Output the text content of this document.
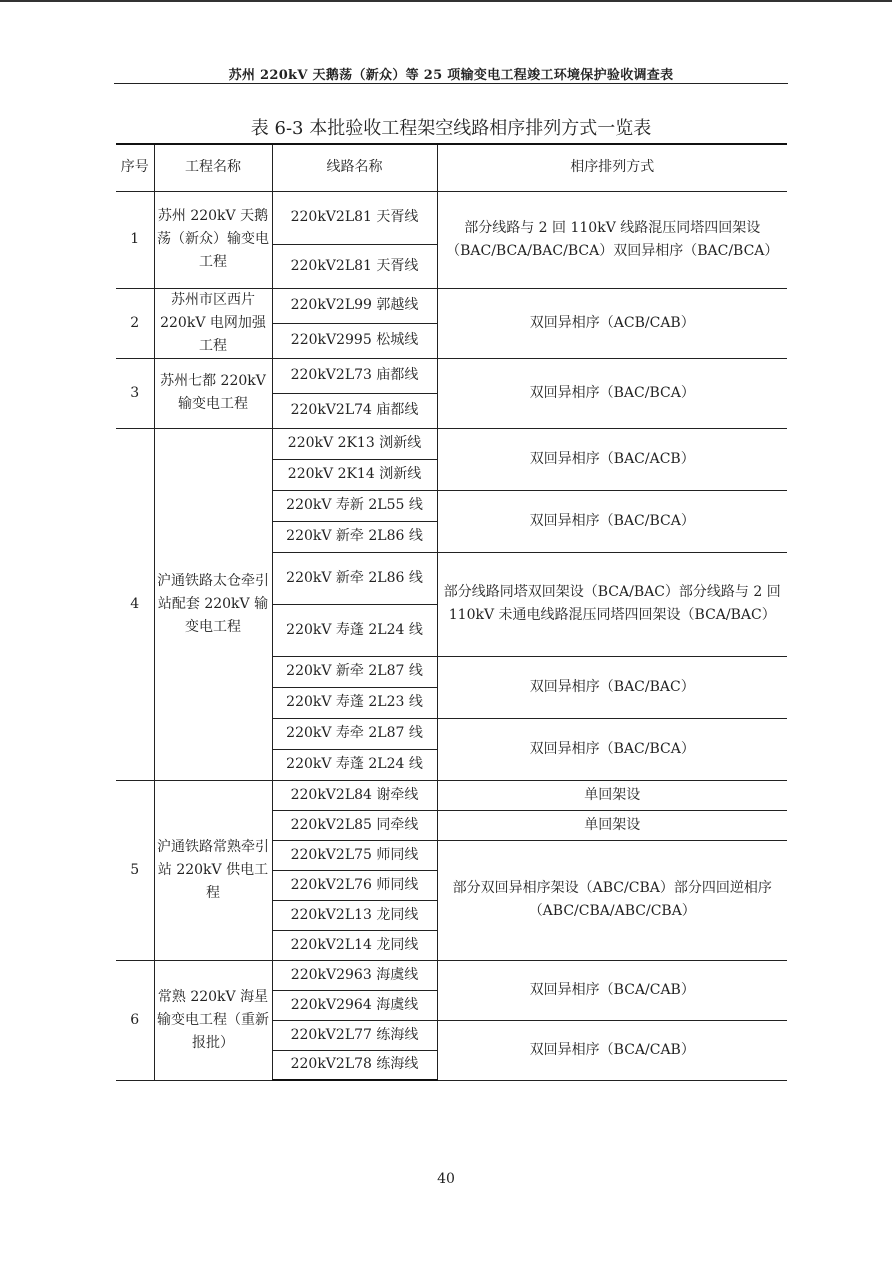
苏州 220kV 天鹅荡（新众）等 25 项输变电工程竣工环境保护验收调查表
表 6-3 本批验收工程架空线路相序排列方式一览表
序号	工程名称	线路名称	相序排列方式
1	苏州 220kV 天鹅荡（新众）输变电工程	220kV2L81 天胥线	部分线路与 2 回 110kV 线路混压同塔四回架设（BAC/BCA/BAC/BCA）双回异相序（BAC/BCA）
		220kV2L81 天胥线	
2	苏州市区西片 220kV 电网加强工程	220kV2L99 郭越线	双回异相序（ACB/CAB）
		220kV2995 松城线	
3	苏州七都 220kV 输变电工程	220kV2L73 庙都线	双回异相序（BAC/BCA）
		220kV2L74 庙都线	
4	沪通铁路太仓牵引站配套 220kV 输变电工程	220kV 2K13 浏新线	双回异相序（BAC/ACB）
		220kV 2K14 浏新线	
		220kV 寿新 2L55 线	双回异相序（BAC/BCA）
		220kV 新牵 2L86 线	
		220kV 新牵 2L86 线	部分线路同塔双回架设（BCA/BAC）部分线路与 2 回 110kV 未通电线路混压同塔四回架设（BCA/BAC）
		220kV 寿蓬 2L24 线	
		220kV 新牵 2L87 线	双回异相序（BAC/BAC）
		220kV 寿蓬 2L23 线	
		220kV 寿牵 2L87 线	双回异相序（BAC/BCA）
		220kV 寿蓬 2L24 线	
5	沪通铁路常熟牵引站 220kV 供电工程	220kV2L84 谢牵线	单回架设
		220kV2L85 同牵线	单回架设
		220kV2L75 师同线	部分双回异相序架设（ABC/CBA）部分四回逆相序（ABC/CBA/ABC/CBA）
		220kV2L76 师同线	
		220kV2L13 龙同线	
		220kV2L14 龙同线	
6	常熟 220kV 海星输变电工程（重新报批）	220kV2963 海虞线	双回异相序（BCA/CAB）
		220kV2964 海虞线	
		220kV2L77 练海线	双回异相序（BCA/CAB）
		220kV2L78 练海线	
40
